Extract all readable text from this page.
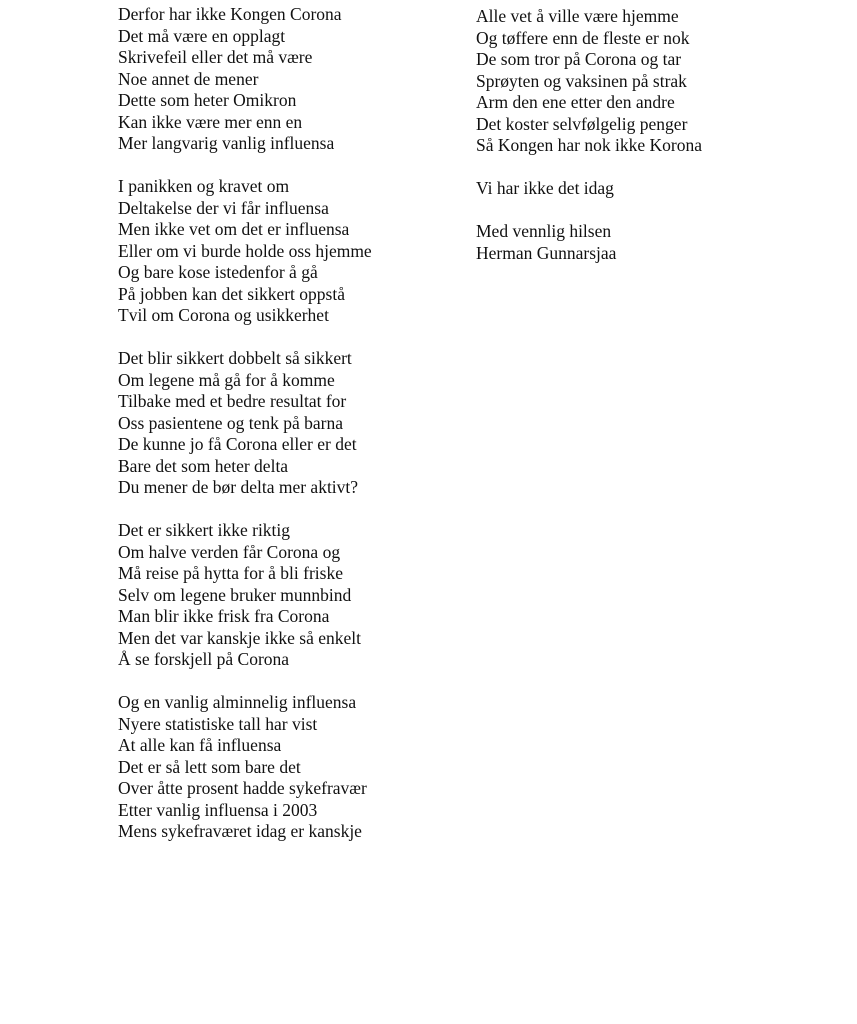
Derfor har ikke Kongen Corona
Det må være en opplagt
Skrivefeil eller det må være
Noe annet de mener
Dette som heter Omikron
Kan ikke være mer enn en
Mer langvarig vanlig influensa
I panikken og kravet om
Deltakelse der vi får influensa
Men ikke vet om det er influensa
Eller om vi burde holde oss hjemme
Og bare kose istedenfor å gå
På jobben kan det sikkert oppstå
Tvil om Corona og usikkerhet
Det blir sikkert dobbelt så sikkert
Om legene må gå for å komme
Tilbake med et bedre resultat for
Oss pasientene og tenk på barna
De kunne jo få Corona eller er det
Bare det som heter delta
Du mener de bør delta mer aktivt?
Det er sikkert ikke riktig
Om halve verden får Corona og
Må reise på hytta for å bli friske
Selv om legene bruker munnbind
Man blir ikke frisk fra Corona
Men det var kanskje ikke så enkelt
Å se forskjell på Corona
Og en vanlig alminnelig influensa
Nyere statistiske tall har vist
At alle kan få influensa
Det er så lett som bare det
Over åtte prosent hadde sykefravær
Etter vanlig influensa i 2003
Mens sykefraværet idag er kanskje
Alle vet å ville være hjemme
Og tøffere enn de fleste er nok
De som tror på Corona og tar
Sprøyten og vaksinen på strak
Arm den ene etter den andre
Det koster selvfølgelig penger
Så Kongen har nok ikke Korona
Vi har ikke det idag
Med vennlig hilsen
Herman Gunnarsjaa
